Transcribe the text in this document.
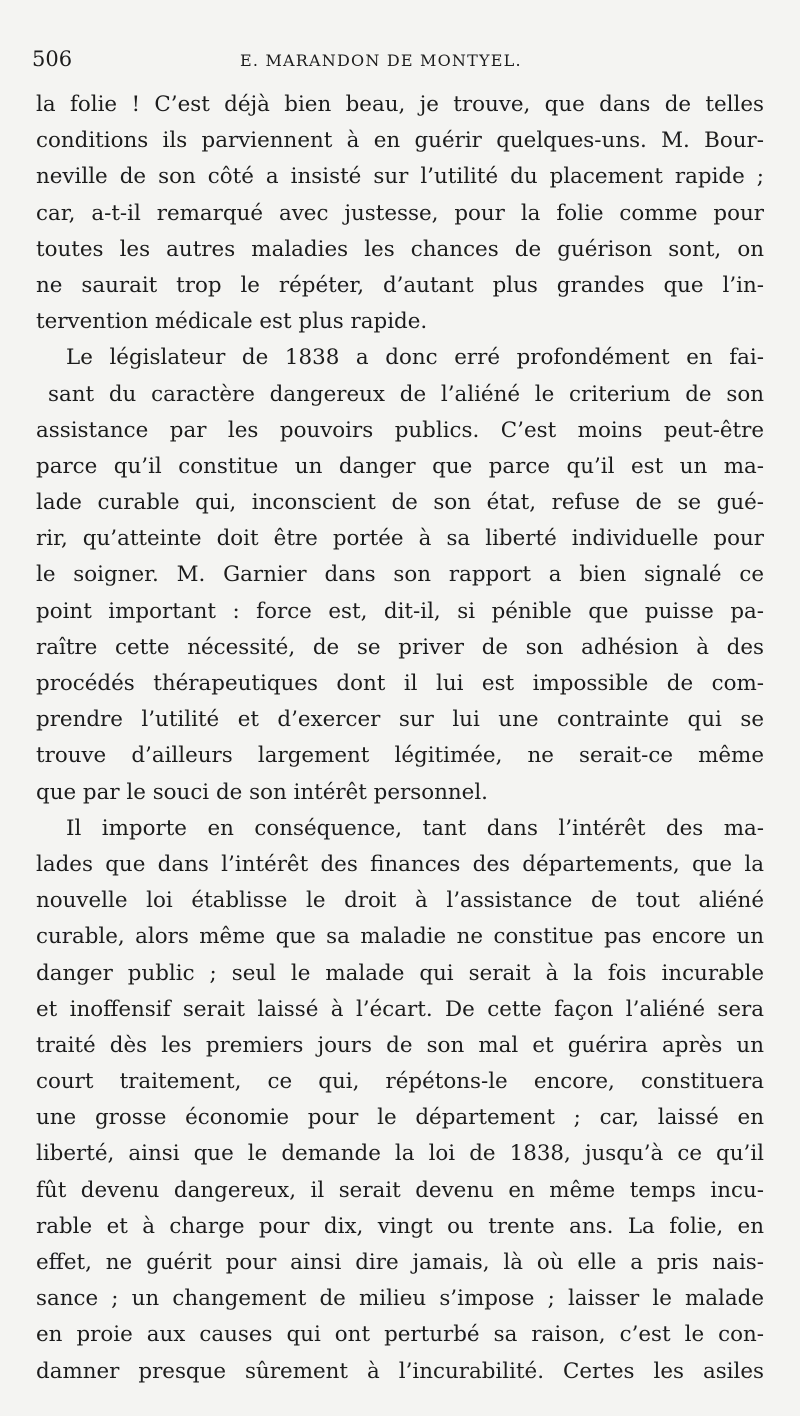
506	E. MARANDON DE MONTYEL.
la folie ! C’est déjà bien beau, je trouve, que dans de telles
conditions ils parviennent à en guérir quelques-uns. M. Bour-
neville de son côté a insisté sur l’utilité du placement rapide ;
car, a-t-il remarqué avec justesse, pour la folie comme pour
toutes les autres maladies les chances de guérison sont, on
ne saurait trop le répéter, d’autant plus grandes que l’in-
tervention médicale est plus rapide.
Le législateur de 1838 a donc erré profondément en fai-
sant du caractère dangereux de l’aliéné le criterium de son
assistance par les pouvoirs publics. C’est moins peut-être
parce qu’il constitue un danger que parce qu’il est un ma-
lade curable qui, inconscient de son état, refuse de se gué-
rir, qu’atteinte doit être portée à sa liberté individuelle pour
le soigner. M. Garnier dans son rapport a bien signalé ce
point important : force est, dit-il, si pénible que puisse pa-
raître cette nécessité, de se priver de son adhésion à des
procédés thérapeutiques dont il lui est impossible de com-
prendre l’utilité et d’exercer sur lui une contrainte qui se
trouve d’ailleurs largement légitimée, ne serait-ce même
que par le souci de son intérêt personnel.
Il importe en conséquence, tant dans l’intérêt des ma-
lades que dans l’intérêt des finances des départements, que la
nouvelle loi établisse le droit à l’assistance de tout aliéné
curable, alors même que sa maladie ne constitue pas encore un
danger public ; seul le malade qui serait à la fois incurable
et inoffensif serait laissé à l’écart. De cette façon l’aliéné sera
traité dès les premiers jours de son mal et guérira après un
court traitement, ce qui, répétons-le encore, constituera
une grosse économie pour le département ; car, laissé en
liberté, ainsi que le demande la loi de 1838, jusqu’à ce qu’il
fût devenu dangereux, il serait devenu en même temps incu-
rable et à charge pour dix, vingt ou trente ans. La folie, en
effet, ne guérit pour ainsi dire jamais, là où elle a pris nais-
sance ; un changement de milieu s’impose ; laisser le malade
en proie aux causes qui ont perturbé sa raison, c’est le con-
damner presque sûrement à l’incurabilité. Certes les asiles
